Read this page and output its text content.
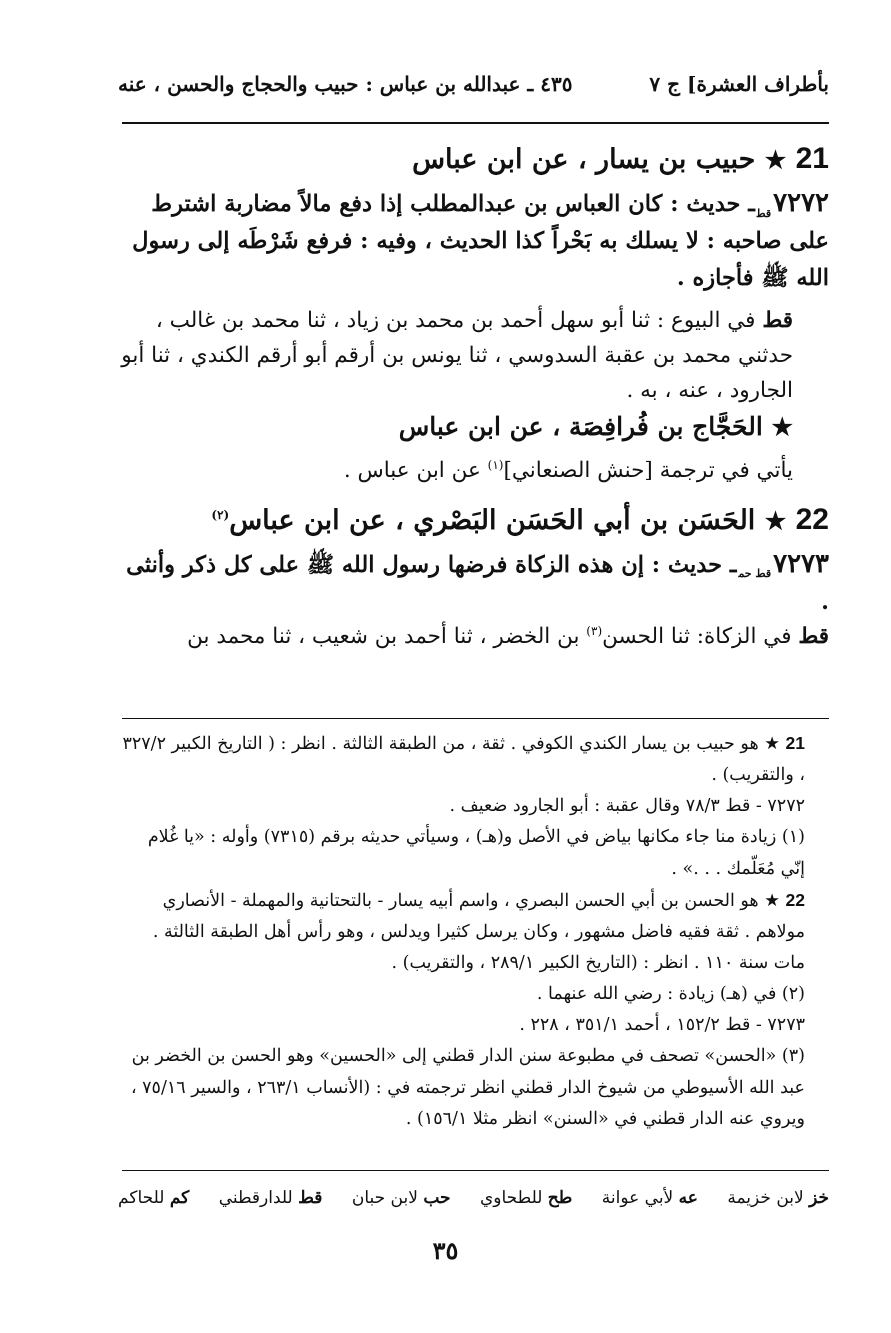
بأطراف العشرة] ج ٧
٤٣٥ ـ عبدالله بن عباس : حبيب والحجاج والحسن ، عنه

21 ★ حبيب بن يسار ، عن ابن عباس

$٧٢٧٢_{قط}ـ$ حديث : كان العباس بن عبدالمطلب إذا دفع مالاً مضاربة اشترط على صاحبه : لا يسلك به بَحْراً كذا الحديث ، وفيه : فرفع شَرْطَه إلى رسول الله ﷺ فأجازه .

قط في البيوع : ثنا أبو سهل أحمد بن محمد بن زياد ، ثنا محمد بن غالب ، حدثني محمد بن عقبة السدوسي ، ثنا يونس بن أرقم أبو أرقم الكندي ، ثنا أبو الجارود ، عنه ، به .

★ الحَجَّاج بن فُرافِصَة ، عن ابن عباس

يأتي في ترجمة [حنش الصنعاني]$^{(١)}$ عن ابن عباس .

22 ★ الحَسَن بن أبي الحَسَن البَصْري ، عن ابن عباس$^{(٢)}$

$٧٢٧٣_{قط حم}ـ$ حديث : إن هذه الزكاة فرضها رسول الله ﷺ على كل ذكر وأنثى .

قط في الزكاة: ثنا الحسن$^{(٣)}$ بن الخضر ، ثنا أحمد بن شعيب ، ثنا محمد بن

21 ★ هو حبيب بن يسار الكندي الكوفي . ثقة ، من الطبقة الثالثة . انظر : ( التاريخ الكبير ٣٢٧/٢ ، والتقريب) .

٧٢٧٢ - قط ٧٨/٣ وقال عقبة : أبو الجارود ضعيف .

(١) زيادة منا جاء مكانها بياض في الأصل و(هـ) ، وسيأتي حديثه برقم (٧٣١٥) وأوله : «يا غُلام إنّي مُعَلّمك . . .» .

22 ★ هو الحسن بن أبي الحسن البصري ، واسم أبيه يسار - بالتحتانية والمهملة - الأنصاري مولاهم . ثقة فقيه فاضل مشهور ، وكان يرسل كثيرا ويدلس ، وهو رأس أهل الطبقة الثالثة . مات سنة ١١٠ . انظر : (التاريخ الكبير ٢٨٩/١ ، والتقريب) .

(٢) في (هـ) زيادة : رضي الله عنهما .

٧٢٧٣ - قط ١٥٢/٢ ، أحمد ٣٥١/١ ، ٢٢٨ .

(٣) «الحسن» تصحف في مطبوعة سنن الدار قطني إلى «الحسين» وهو الحسن بن الخضر بن عبد الله الأسيوطي من شيوخ الدار قطني انظر ترجمته في : (الأنساب ٢٦٣/١ ، والسير ٧٥/١٦ ، ويروي عنه الدار قطني في «السنن» انظر مثلا ١٥٦/١) .

خز لابن خزيمة
عه لأبي عوانة
طح للطحاوي
حب لابن حبان
قط للدارقطني
كم للحاكم
٣٥
